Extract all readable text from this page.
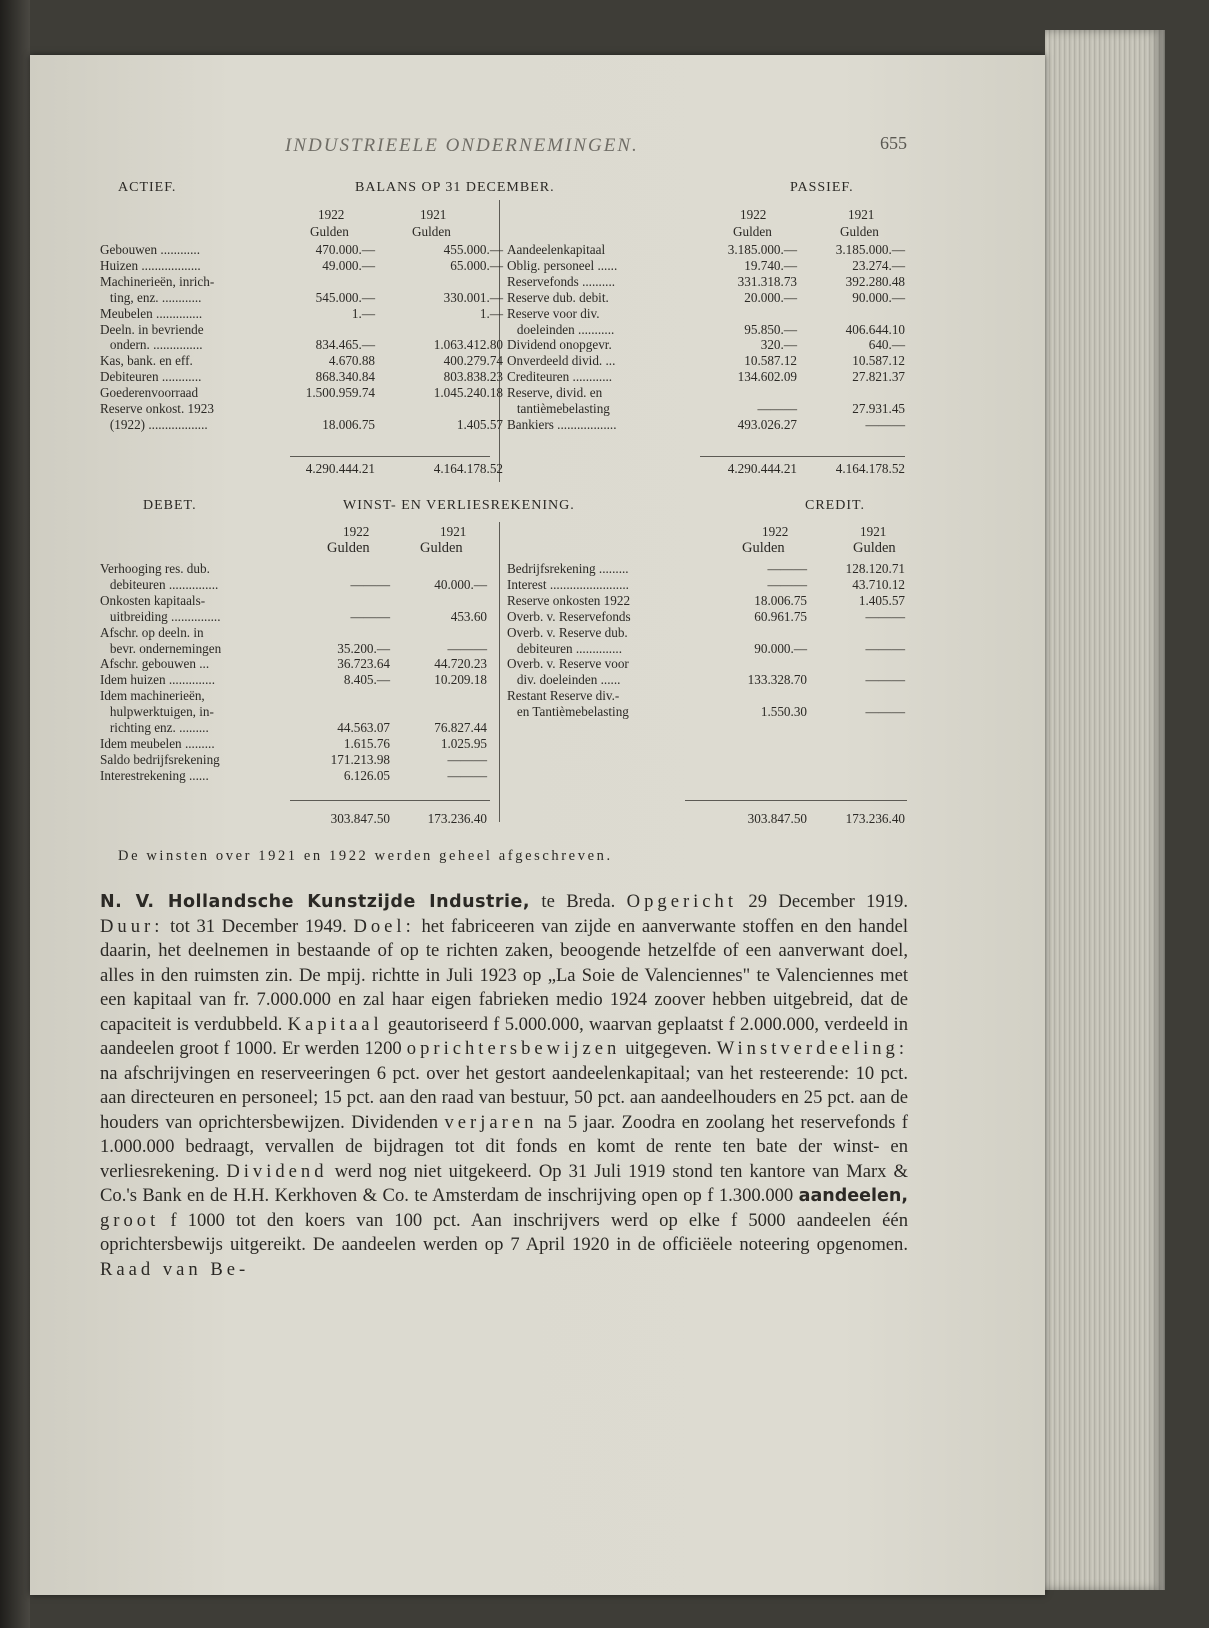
INDUSTRIEELE ONDERNEMINGEN.	655
ACTIEF.	BALANS OP 31 DECEMBER.	PASSIEF.
1922	1921
Gulden	Gulden
1922	1921
Gulden	Gulden
Gebouwen ............	470.000.—	455.000.—
Huizen ..................	49.000.—	65.000.—
Machinerieën, inrich-
ting, enz. ............	545.000.—	330.001.—
Meubelen ..............	1.—	1.—
Deeln. in bevriende
ondern. ...............	834.465.—	1.063.412.80
Kas, bank. en eff.	4.670.88	400.279.74
Debiteuren ............	868.340.84	803.838.23
Goederenvoorraad	1.500.959.74	1.045.240.18
Reserve onkost. 1923
(1922) ..................	18.006.75	1.405.57
4.290.444.21	4.164.178.52
Aandeelenkapitaal	3.185.000.—	3.185.000.—
Oblig. personeel ......	19.740.—	23.274.—
Reservefonds ..........	331.318.73	392.280.48
Reserve dub. debit.	20.000.—	90.000.—
Reserve voor div.
doeleinden ...........	95.850.—	406.644.10
Dividend onopgevr.	320.—	640.—
Onverdeeld divid. ...	10.587.12	10.587.12
Crediteuren ............	134.602.09	27.821.37
Reserve, divid. en
tantièmebelasting	———	27.931.45
Bankiers ..................	493.026.27	———
4.290.444.21	4.164.178.52
DEBET.	WINST- EN VERLIESREKENING.	CREDIT.
1922	1921
Gulden	Gulden
1922	1921
Gulden	Gulden
Verhooging res. dub.
debiteuren ...............	———	40.000.—
Onkosten kapitaals-
uitbreiding ...............	———	453.60
Afschr. op deeln. in
bevr. ondernemingen	35.200.—	———
Afschr. gebouwen ...	36.723.64	44.720.23
Idem huizen ..............	8.405.—	10.209.18
Idem machinerieën,
hulpwerktuigen, in-
richting enz. .........	44.563.07	76.827.44
Idem meubelen .........	1.615.76	1.025.95
Saldo bedrijfsrekening	171.213.98	———
Interestrekening ......	6.126.05	———
303.847.50	173.236.40
Bedrijfsrekening .........	———	128.120.71
Interest ........................	———	43.710.12
Reserve onkosten 1922	18.006.75	1.405.57
Overb. v. Reservefonds	60.961.75	———
Overb. v. Reserve dub.
debiteuren ..............	90.000.—	———
Overb. v. Reserve voor
div. doeleinden ......	133.328.70	———
Restant Reserve div.-
en Tantièmebelasting	1.550.30	———
303.847.50	173.236.40
De winsten over 1921 en 1922 werden geheel afgeschreven.

N. V. Hollandsche Kunstzijde Industrie, te Breda. Opgericht 29 December 1919. Duur: tot 31 December 1949. Doel: het fabriceeren van zijde en aanverwante stoffen en den handel daarin, het deelnemen in bestaande of op te richten zaken, beoogende hetzelfde of een aanverwant doel, alles in den ruimsten zin. De mpij. richtte in Juli 1923 op „La Soie de Valenciennes" te Valenciennes met een kapitaal van fr. 7.000.000 en zal haar eigen fabrieken medio 1924 zoover hebben uitgebreid, dat de capaciteit is verdubbeld. Kapitaal geautoriseerd f 5.000.000, waarvan geplaatst f 2.000.000, verdeeld in aandeelen groot f 1000. Er werden 1200 oprichtersbewijzen uitgegeven. Winstverdeeling: na afschrijvingen en reserveeringen 6 pct. over het gestort aandeelenkapitaal; van het resteerende: 10 pct. aan directeuren en personeel; 15 pct. aan den raad van bestuur, 50 pct. aan aandeelhouders en 25 pct. aan de houders van oprichtersbewijzen. Dividenden verjaren na 5 jaar. Zoodra en zoolang het reservefonds f 1.000.000 bedraagt, vervallen de bijdragen tot dit fonds en komt de rente ten bate der winst- en verliesrekening. Dividend werd nog niet uitgekeerd. Op 31 Juli 1919 stond ten kantore van Marx & Co.'s Bank en de H.H. Kerkhoven & Co. te Amsterdam de inschrijving open op f 1.300.000 aandeelen, groot f 1000 tot den koers van 100 pct. Aan inschrijvers werd op elke f 5000 aandeelen één oprichtersbewijs uitgereikt. De aandeelen werden op 7 April 1920 in de officiëele noteering opgenomen. Raad van Be-
